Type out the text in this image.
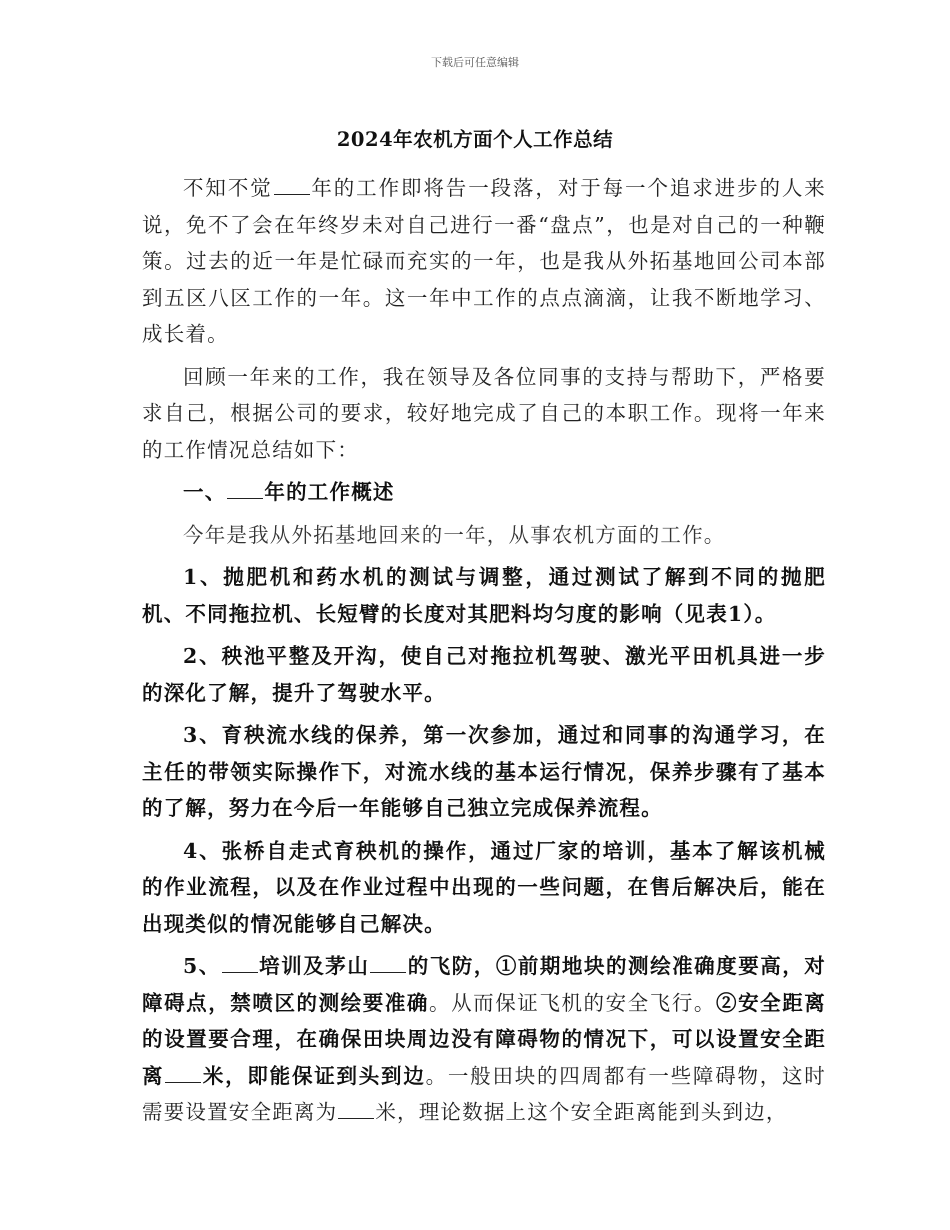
下载后可任意编辑
2024年农机方面个人工作总结

不知不觉 年的工作即将告一段落，对于每一个追求进步的人来说，免不了会在年终岁未对自己进行一番“盘点”，也是对自己的一种鞭策。过去的近一年是忙碌而充实的一年，也是我从外拓基地回公司本部到五区八区工作的一年。这一年中工作的点点滴滴，让我不断地学习、成长着。

回顾一年来的工作，我在领导及各位同事的支持与帮助下，严格要求自己，根据公司的要求，较好地完成了自己的本职工作。现将一年来的工作情况总结如下：

一、 年的工作概述

今年是我从外拓基地回来的一年，从事农机方面的工作。

1、抛肥机和药水机的测试与调整，通过测试了解到不同的抛肥机、不同拖拉机、长短臂的长度对其肥料均匀度的影响（见表1）。

2、秧池平整及开沟，使自己对拖拉机驾驶、激光平田机具进一步的深化了解，提升了驾驶水平。

3、育秧流水线的保养，第一次参加，通过和同事的沟通学习，在主任的带领实际操作下，对流水线的基本运行情况，保养步骤有了基本的了解，努力在今后一年能够自己独立完成保养流程。

4、张桥自走式育秧机的操作，通过厂家的培训，基本了解该机械的作业流程，以及在作业过程中出现的一些问题，在售后解决后，能在出现类似的情况能够自己解决。

5、 培训及茅山 的飞防，①前期地块的测绘准确度要高，对障碍点，禁喷区的测绘要准确。从而保证飞机的安全飞行。②安全距离的设置要合理，在确保田块周边没有障碍物的情况下，可以设置安全距离 米，即能保证到头到边。一般田块的四周都有一些障碍物，这时需要设置安全距离为 米，理论数据上这个安全距离能到头到边，
